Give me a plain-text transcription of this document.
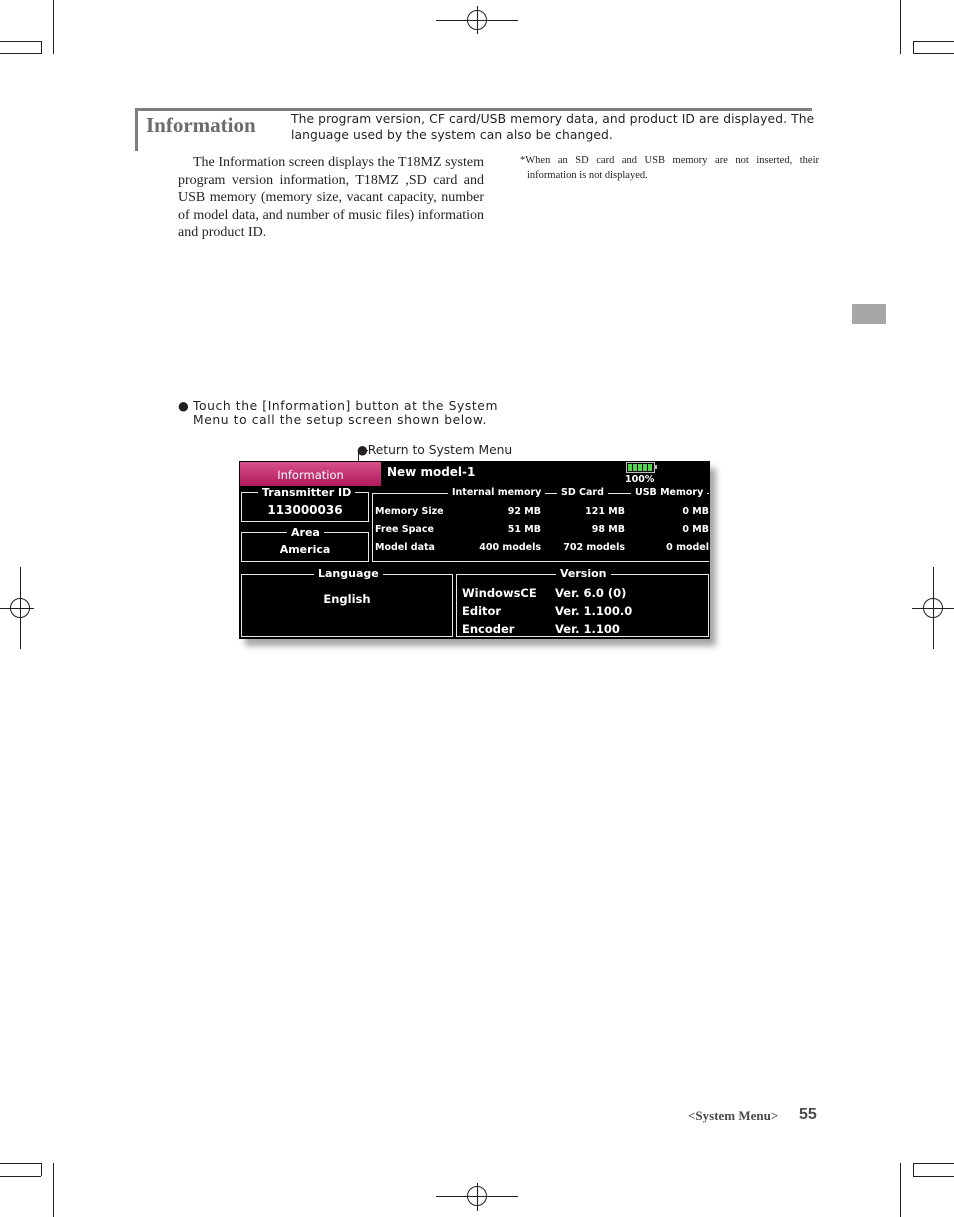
Information	The program version, CF card/USB memory data, and product ID are displayed. The language used by the system can also be changed.
The Information screen displays the T18MZ system program version information, T18MZ ,SD card and USB memory (memory size, vacant capacity, number of model data, and number of music files) information and product ID.
*When an SD card and USB memory are not inserted, their information is not displayed.
● Touch the [Information] button at the System Menu to call the setup screen shown below.
●Return to System Menu
Information	New model-1
100%
Transmitter ID
113000036
Area
America
Internal memory	SD Card	USB Memory
Memory Size	92 MB	121 MB	0 MB
Free Space	51 MB	98 MB	0 MB
Model data	400 models	702 models	0 model
Language
English
Version
WindowsCE Ver. 6.0 (0)
Editor	Ver. 1.100.0
Encoder	Ver. 1.100
<System Menu> 55
